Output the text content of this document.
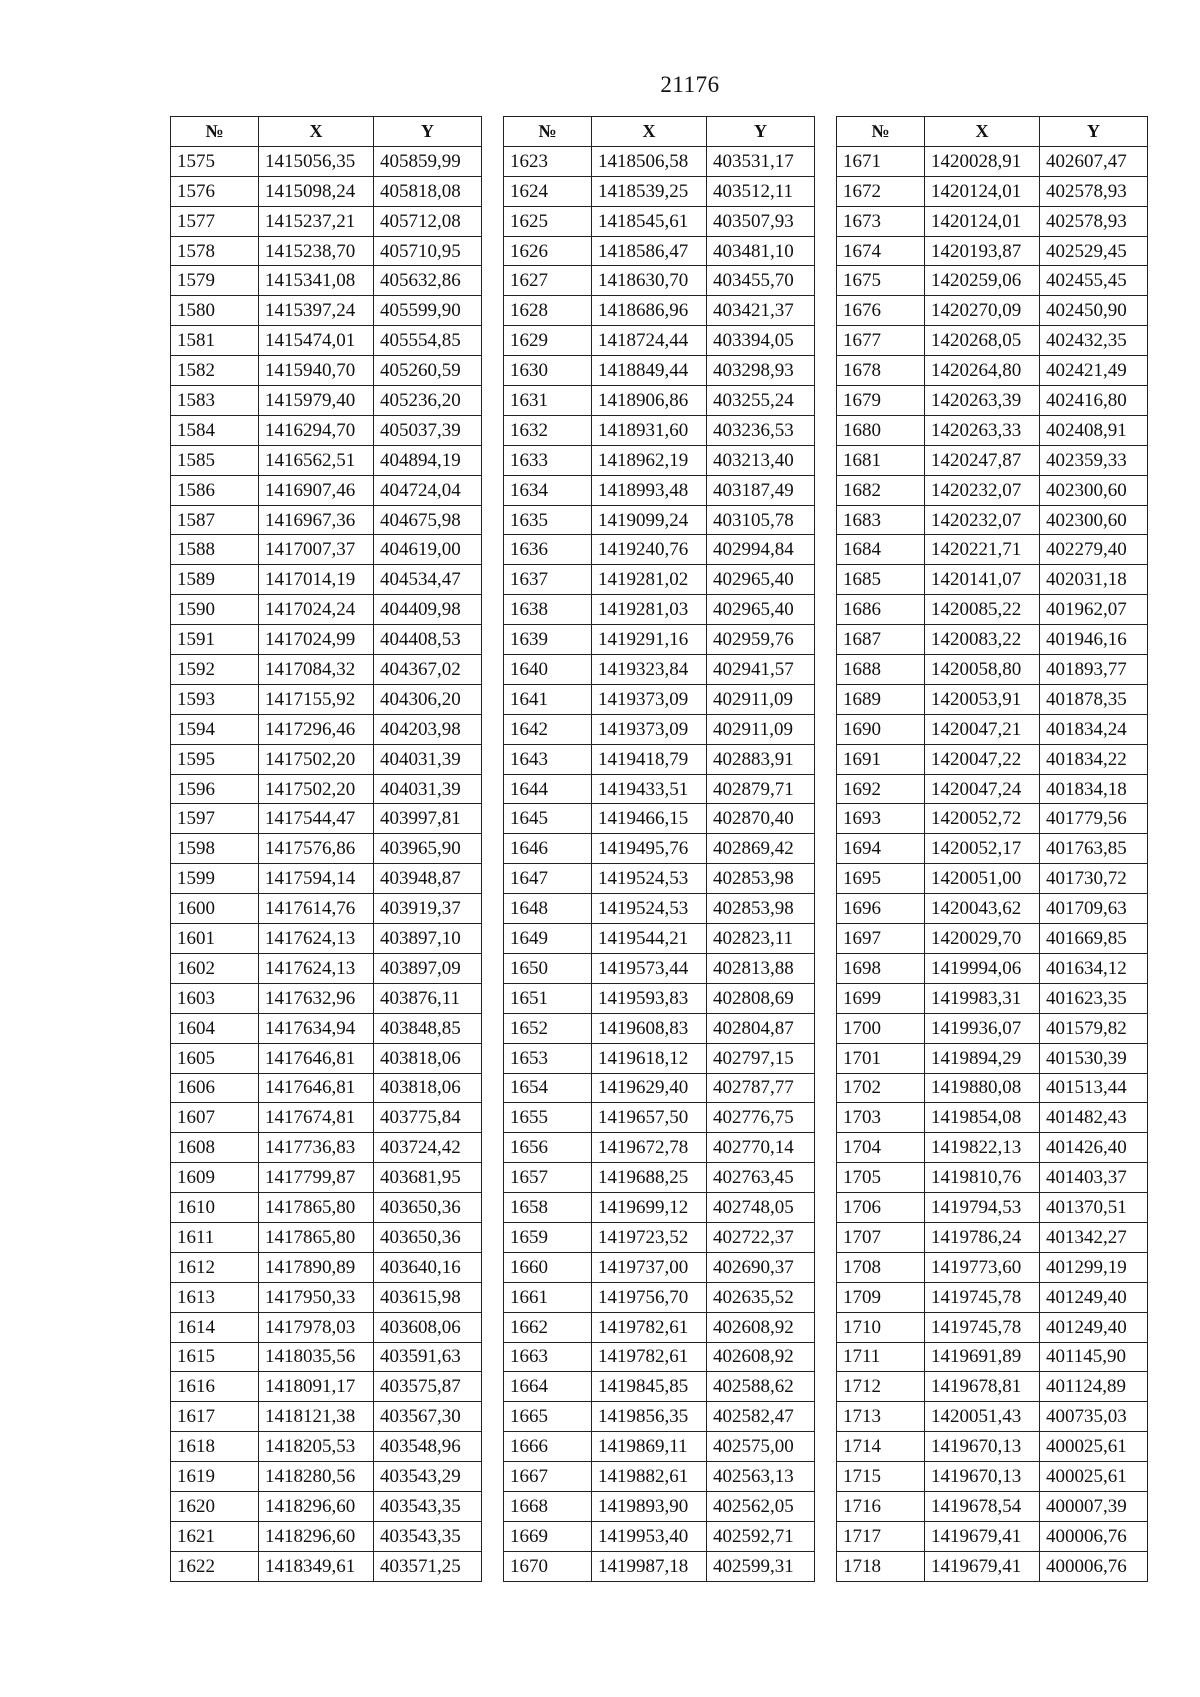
21176
№	X	Y
1575	1415056,35	405859,99
1576	1415098,24	405818,08
1577	1415237,21	405712,08
1578	1415238,70	405710,95
1579	1415341,08	405632,86
1580	1415397,24	405599,90
1581	1415474,01	405554,85
1582	1415940,70	405260,59
1583	1415979,40	405236,20
1584	1416294,70	405037,39
1585	1416562,51	404894,19
1586	1416907,46	404724,04
1587	1416967,36	404675,98
1588	1417007,37	404619,00
1589	1417014,19	404534,47
1590	1417024,24	404409,98
1591	1417024,99	404408,53
1592	1417084,32	404367,02
1593	1417155,92	404306,20
1594	1417296,46	404203,98
1595	1417502,20	404031,39
1596	1417502,20	404031,39
1597	1417544,47	403997,81
1598	1417576,86	403965,90
1599	1417594,14	403948,87
1600	1417614,76	403919,37
1601	1417624,13	403897,10
1602	1417624,13	403897,09
1603	1417632,96	403876,11
1604	1417634,94	403848,85
1605	1417646,81	403818,06
1606	1417646,81	403818,06
1607	1417674,81	403775,84
1608	1417736,83	403724,42
1609	1417799,87	403681,95
1610	1417865,80	403650,36
1611	1417865,80	403650,36
1612	1417890,89	403640,16
1613	1417950,33	403615,98
1614	1417978,03	403608,06
1615	1418035,56	403591,63
1616	1418091,17	403575,87
1617	1418121,38	403567,30
1618	1418205,53	403548,96
1619	1418280,56	403543,29
1620	1418296,60	403543,35
1621	1418296,60	403543,35
1622	1418349,61	403571,25
№	X	Y
1623	1418506,58	403531,17
1624	1418539,25	403512,11
1625	1418545,61	403507,93
1626	1418586,47	403481,10
1627	1418630,70	403455,70
1628	1418686,96	403421,37
1629	1418724,44	403394,05
1630	1418849,44	403298,93
1631	1418906,86	403255,24
1632	1418931,60	403236,53
1633	1418962,19	403213,40
1634	1418993,48	403187,49
1635	1419099,24	403105,78
1636	1419240,76	402994,84
1637	1419281,02	402965,40
1638	1419281,03	402965,40
1639	1419291,16	402959,76
1640	1419323,84	402941,57
1641	1419373,09	402911,09
1642	1419373,09	402911,09
1643	1419418,79	402883,91
1644	1419433,51	402879,71
1645	1419466,15	402870,40
1646	1419495,76	402869,42
1647	1419524,53	402853,98
1648	1419524,53	402853,98
1649	1419544,21	402823,11
1650	1419573,44	402813,88
1651	1419593,83	402808,69
1652	1419608,83	402804,87
1653	1419618,12	402797,15
1654	1419629,40	402787,77
1655	1419657,50	402776,75
1656	1419672,78	402770,14
1657	1419688,25	402763,45
1658	1419699,12	402748,05
1659	1419723,52	402722,37
1660	1419737,00	402690,37
1661	1419756,70	402635,52
1662	1419782,61	402608,92
1663	1419782,61	402608,92
1664	1419845,85	402588,62
1665	1419856,35	402582,47
1666	1419869,11	402575,00
1667	1419882,61	402563,13
1668	1419893,90	402562,05
1669	1419953,40	402592,71
1670	1419987,18	402599,31
№	X	Y
1671	1420028,91	402607,47
1672	1420124,01	402578,93
1673	1420124,01	402578,93
1674	1420193,87	402529,45
1675	1420259,06	402455,45
1676	1420270,09	402450,90
1677	1420268,05	402432,35
1678	1420264,80	402421,49
1679	1420263,39	402416,80
1680	1420263,33	402408,91
1681	1420247,87	402359,33
1682	1420232,07	402300,60
1683	1420232,07	402300,60
1684	1420221,71	402279,40
1685	1420141,07	402031,18
1686	1420085,22	401962,07
1687	1420083,22	401946,16
1688	1420058,80	401893,77
1689	1420053,91	401878,35
1690	1420047,21	401834,24
1691	1420047,22	401834,22
1692	1420047,24	401834,18
1693	1420052,72	401779,56
1694	1420052,17	401763,85
1695	1420051,00	401730,72
1696	1420043,62	401709,63
1697	1420029,70	401669,85
1698	1419994,06	401634,12
1699	1419983,31	401623,35
1700	1419936,07	401579,82
1701	1419894,29	401530,39
1702	1419880,08	401513,44
1703	1419854,08	401482,43
1704	1419822,13	401426,40
1705	1419810,76	401403,37
1706	1419794,53	401370,51
1707	1419786,24	401342,27
1708	1419773,60	401299,19
1709	1419745,78	401249,40
1710	1419745,78	401249,40
1711	1419691,89	401145,90
1712	1419678,81	401124,89
1713	1420051,43	400735,03
1714	1419670,13	400025,61
1715	1419670,13	400025,61
1716	1419678,54	400007,39
1717	1419679,41	400006,76
1718	1419679,41	400006,76
